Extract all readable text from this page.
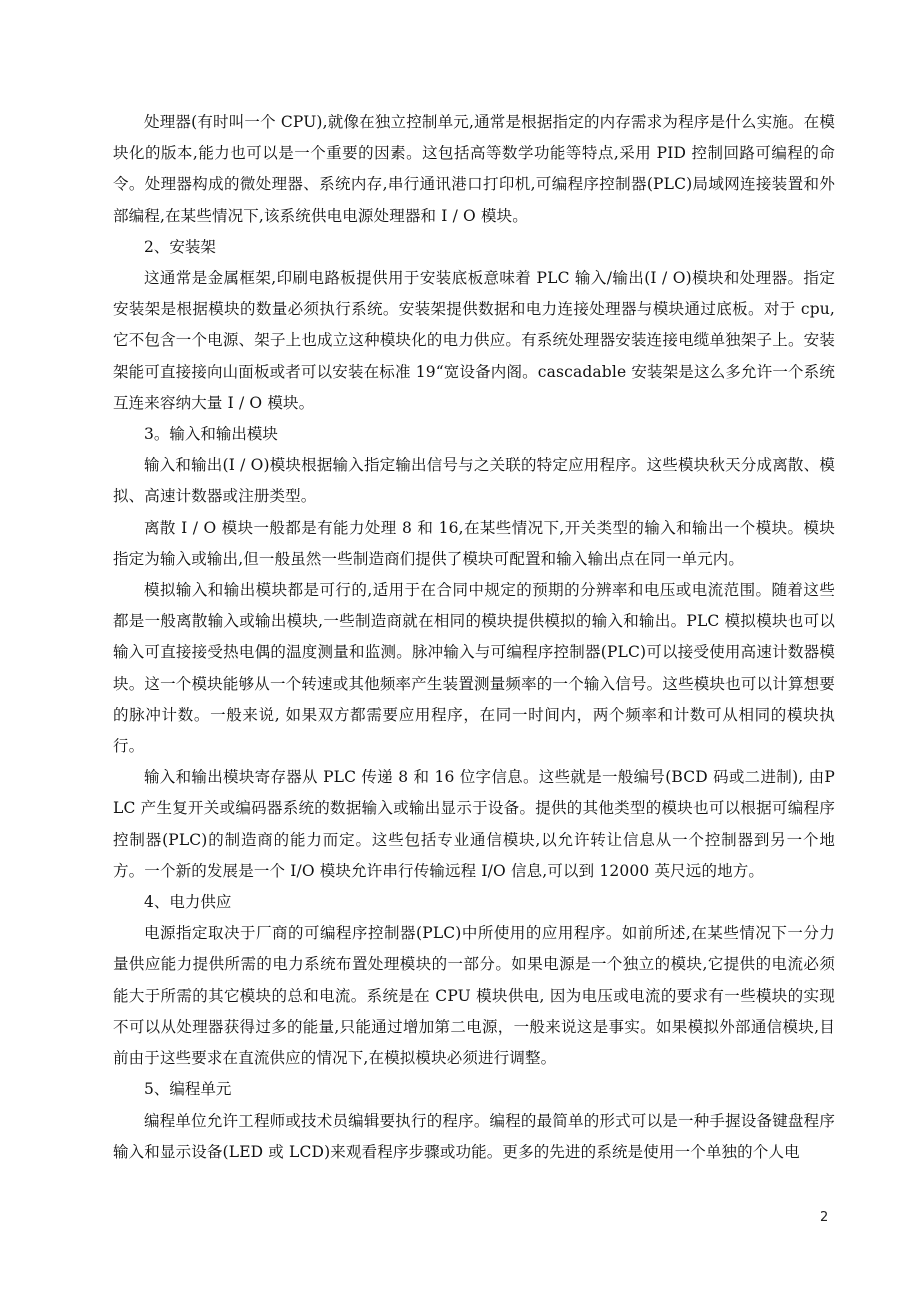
处理器(有时叫一个 CPU),就像在独立控制单元,通常是根据指定的内存需求为程序是什么实施。在模块化的版本,能力也可以是一个重要的因素。这包括高等数学功能等特点,采用 PID 控制回路可编程的命令。处理器构成的微处理器、系统内存,串行通讯港口打印机,可编程序控制器(PLC)局域网连接装置和外部编程,在某些情况下,该系统供电电源处理器和 I / O 模块。

2、安装架

这通常是金属框架,印刷电路板提供用于安装底板意味着 PLC 输入/输出(I / O)模块和处理器。指定安装架是根据模块的数量必须执行系统。安装架提供数据和电力连接处理器与模块通过底板。对于 cpu,它不包含一个电源、架子上也成立这种模块化的电力供应。有系统处理器安装连接电缆单独架子上。安装架能可直接接向山面板或者可以安装在标准 19“宽设备内阁。cascadable 安装架是这么多允许一个系统互连来容纳大量 I / O 模块。

3。输入和输出模块

输入和输出(I / O)模块根据输入指定输出信号与之关联的特定应用程序。这些模块秋天分成离散、模拟、高速计数器或注册类型。

离散 I / O 模块一般都是有能力处理 8 和 16,在某些情况下,开关类型的输入和输出一个模块。模块指定为输入或输出,但一般虽然一些制造商们提供了模块可配置和输入输出点在同一单元内。

模拟输入和输出模块都是可行的,适用于在合同中规定的预期的分辨率和电压或电流范围。随着这些都是一般离散输入或输出模块,一些制造商就在相同的模块提供模拟的输入和输出。PLC 模拟模块也可以输入可直接接受热电偶的温度测量和监测。脉冲输入与可编程序控制器(PLC)可以接受使用高速计数器模块。这一个模块能够从一个转速或其他频率产生装置测量频率的一个输入信号。这些模块也可以计算想要的脉冲计数。一般来说, 如果双方都需要应用程序，在同一时间内，两个频率和计数可从相同的模块执行。

输入和输出模块寄存器从 PLC 传递 8 和 16 位字信息。这些就是一般编号(BCD 码或二进制), 由PLC 产生复开关或编码器系统的数据输入或输出显示于设备。提供的其他类型的模块也可以根据可编程序控制器(PLC)的制造商的能力而定。这些包括专业通信模块,以允许转让信息从一个控制器到另一个地方。一个新的发展是一个 I/O 模块允许串行传输远程 I/O 信息,可以到 12000 英尺远的地方。

4、电力供应

电源指定取决于厂商的可编程序控制器(PLC)中所使用的应用程序。如前所述,在某些情况下一分力量供应能力提供所需的电力系统布置处理模块的一部分。如果电源是一个独立的模块,它提供的电流必须能大于所需的其它模块的总和电流。系统是在 CPU 模块供电, 因为电压或电流的要求有一些模块的实现不可以从处理器获得过多的能量,只能通过增加第二电源，一般来说这是事实。如果模拟外部通信模块,目前由于这些要求在直流供应的情况下,在模拟模块必须进行调整。

5、编程单元

编程单位允许工程师或技术员编辑要执行的程序。编程的最简单的形式可以是一种手握设备键盘程序输入和显示设备(LED 或 LCD)来观看程序步骤或功能。更多的先进的系统是使用一个单独的个人电

2
